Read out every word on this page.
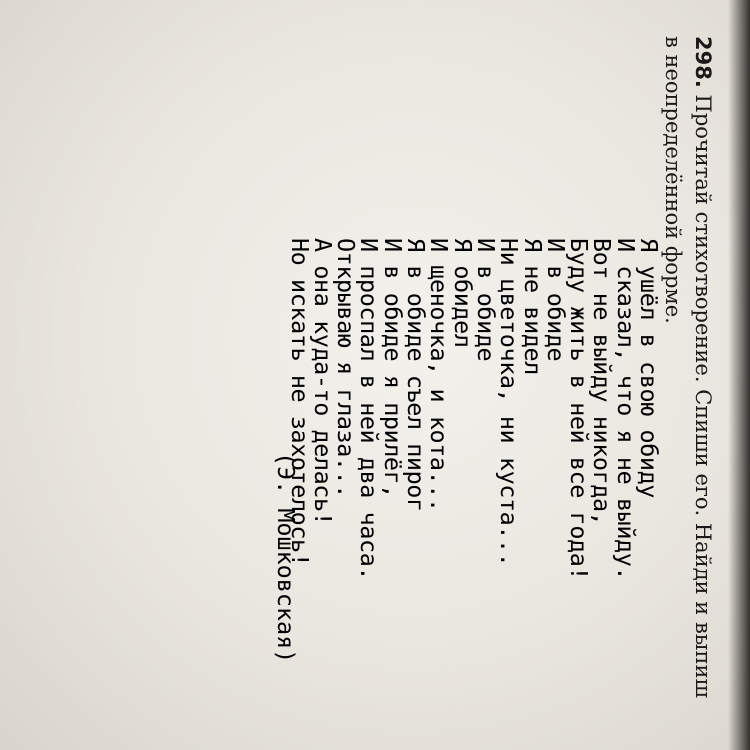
298. Прочитай стихотворение. Спиши его. Найди и выпиш
в неопределённой форме.
Я ушёл в свою обиду
И сказал, что я не выйду.
Вот не выйду никогда,
Буду жить в ней все года!
И в обиде
Я не видел
Ни цветочка, ни куста...
И в обиде
Я обидел
И щеночка, и кота...
Я в обиде съел пирог
И в обиде я прилёг,
И проспал в ней два часа.
Открываю я глаза...
А она куда-то делась!
Но искать не захотелось!
(Э. Мошковская)
